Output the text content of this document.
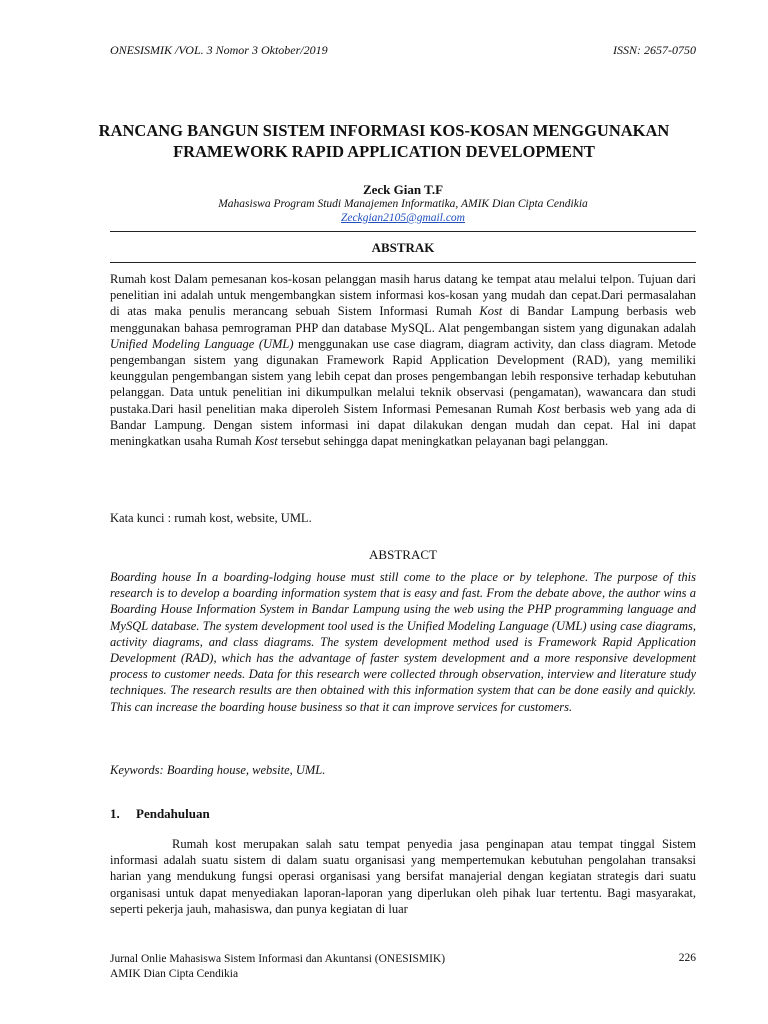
ONESISMIK /VOL. 3 Nomor 3 Oktober/2019	ISSN: 2657-0750
RANCANG BANGUN SISTEM INFORMASI KOS-KOSAN MENGGUNAKAN
FRAMEWORK RAPID APPLICATION DEVELOPMENT
Zeck Gian T.F
Mahasiswa Program Studi Manajemen Informatika, AMIK Dian Cipta Cendikia
Zeckgian2105@gmail.com
ABSTRAK
Rumah kost Dalam pemesanan kos-kosan pelanggan masih harus datang ke tempat atau melalui telpon. Tujuan dari penelitian ini adalah untuk mengembangkan sistem informasi kos-kosan yang mudah dan cepat.Dari permasalahan di atas maka penulis merancang sebuah Sistem Informasi Rumah Kost di Bandar Lampung berbasis web menggunakan bahasa pemrograman PHP dan database MySQL. Alat pengembangan sistem yang digunakan adalah Unified Modeling Language (UML) menggunakan use case diagram, diagram activity, dan class diagram. Metode pengembangan sistem yang digunakan Framework Rapid Application Development (RAD), yang memiliki keunggulan pengembangan sistem yang lebih cepat dan proses pengembangan lebih responsive terhadap kebutuhan pelanggan. Data untuk penelitian ini dikumpulkan melalui teknik observasi (pengamatan), wawancara dan studi pustaka.Dari hasil penelitian maka diperoleh Sistem Informasi Pemesanan Rumah Kost berbasis web yang ada di Bandar Lampung. Dengan sistem informasi ini dapat dilakukan dengan mudah dan cepat. Hal ini dapat meningkatkan usaha Rumah Kost tersebut sehingga dapat meningkatkan pelayanan bagi pelanggan.
Kata kunci : rumah kost, website, UML.
ABSTRACT
Boarding house In a boarding-lodging house must still come to the place or by telephone. The purpose of this research is to develop a boarding information system that is easy and fast. From the debate above, the author wins a Boarding House Information System in Bandar Lampung using the web using the PHP programming language and MySQL database. The system development tool used is the Unified Modeling Language (UML) using case diagrams, activity diagrams, and class diagrams. The system development method used is Framework Rapid Application Development (RAD), which has the advantage of faster system development and a more responsive development process to customer needs. Data for this research were collected through observation, interview and literature study techniques. The research results are then obtained with this information system that can be done easily and quickly. This can increase the boarding house business so that it can improve services for customers.
Keywords: Boarding house, website, UML.
1. Pendahuluan
Rumah kost merupakan salah satu tempat penyedia jasa penginapan atau tempat tinggal Sistem informasi adalah suatu sistem di dalam suatu organisasi yang mempertemukan kebutuhan pengolahan transaksi harian yang mendukung fungsi operasi organisasi yang bersifat manajerial dengan kegiatan strategis dari suatu organisasi untuk dapat menyediakan laporan-laporan yang diperlukan oleh pihak luar tertentu. Bagi masyarakat, seperti pekerja jauh, mahasiswa, dan punya kegiatan di luar
Jurnal Onlie Mahasiswa Sistem Informasi dan Akuntansi (ONESISMIK)
AMIK Dian Cipta Cendikia
226
